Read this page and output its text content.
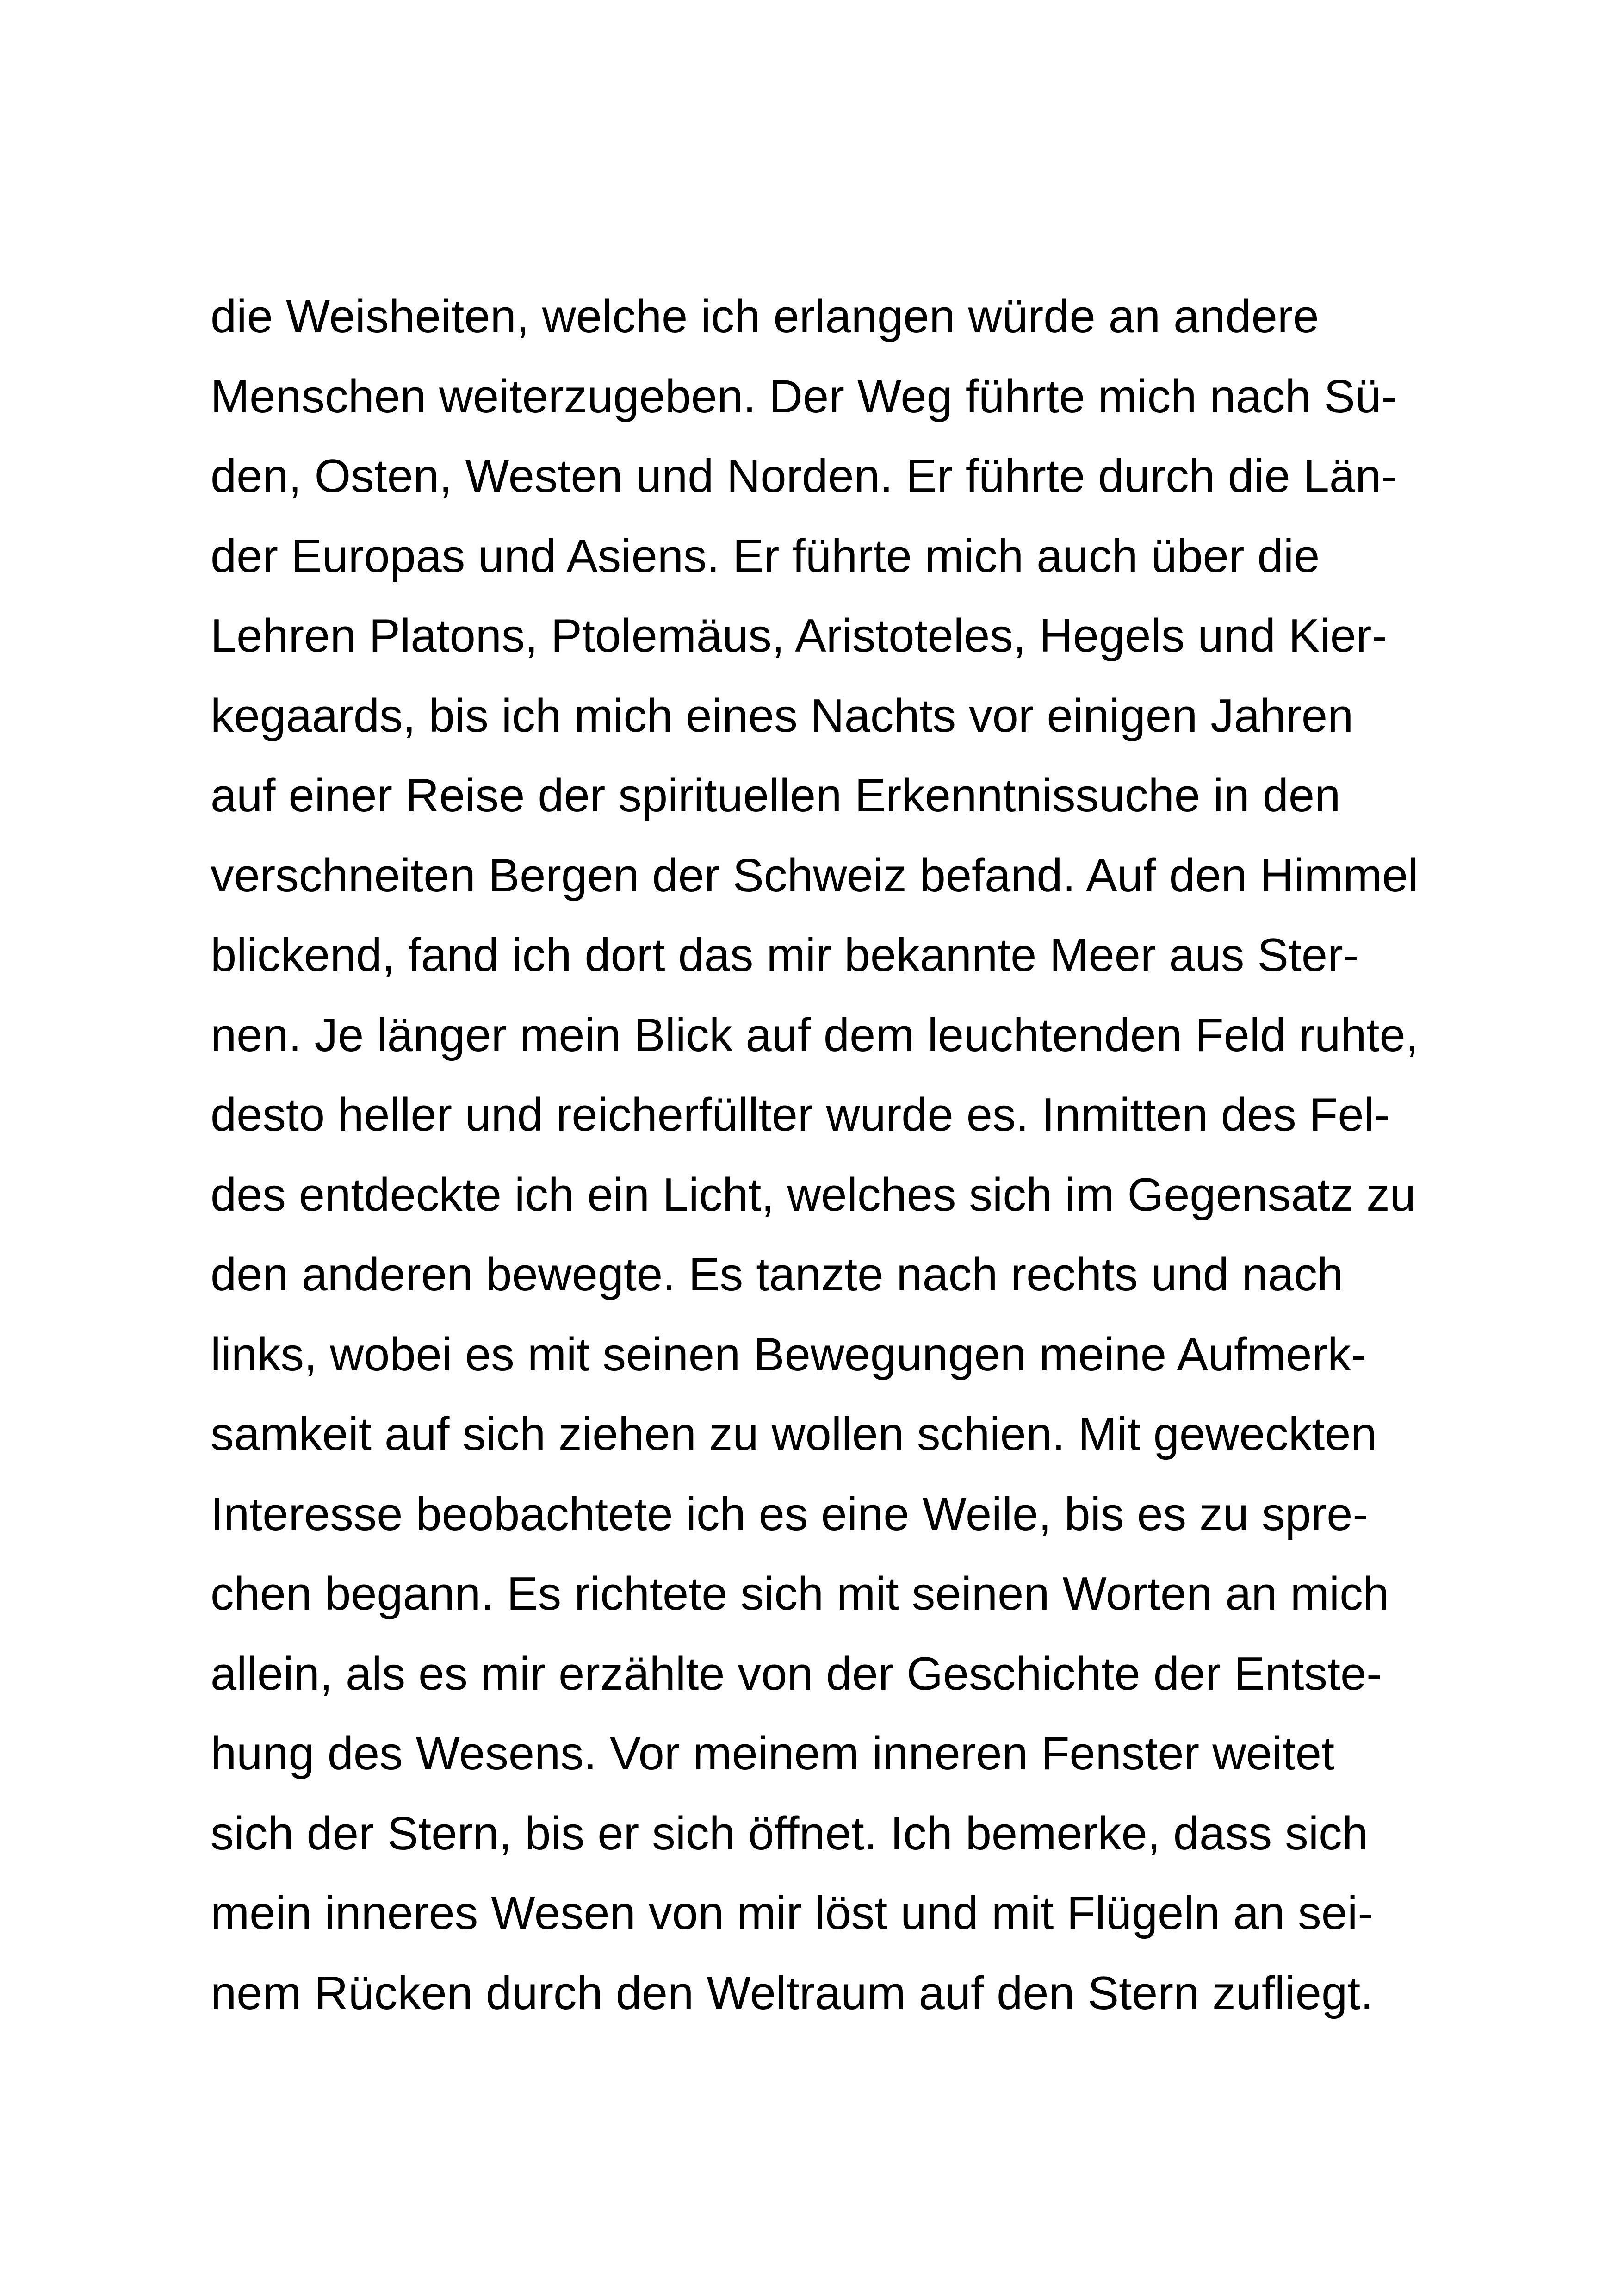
die Weisheiten, welche ich erlangen würde an andere
Menschen weiterzugeben. Der Weg führte mich nach Sü-
den, Osten, Westen und Norden. Er führte durch die Län-
der Europas und Asiens. Er führte mich auch über die
Lehren Platons, Ptolemäus, Aristoteles, Hegels und Kier-
kegaards, bis ich mich eines Nachts vor einigen Jahren
auf einer Reise der spirituellen Erkenntnissuche in den
verschneiten Bergen der Schweiz befand. Auf den Himmel
blickend, fand ich dort das mir bekannte Meer aus Ster-
nen. Je länger mein Blick auf dem leuchtenden Feld ruhte,
desto heller und reicherfüllter wurde es. Inmitten des Fel-
des entdeckte ich ein Licht, welches sich im Gegensatz zu
den anderen bewegte. Es tanzte nach rechts und nach
links, wobei es mit seinen Bewegungen meine Aufmerk-
samkeit auf sich ziehen zu wollen schien. Mit geweckten
Interesse beobachtete ich es eine Weile, bis es zu spre-
chen begann. Es richtete sich mit seinen Worten an mich
allein, als es mir erzählte von der Geschichte der Entste-
hung des Wesens. Vor meinem inneren Fenster weitet
sich der Stern, bis er sich öffnet. Ich bemerke, dass sich
mein inneres Wesen von mir löst und mit Flügeln an sei-
nem Rücken durch den Weltraum auf den Stern zufliegt.
